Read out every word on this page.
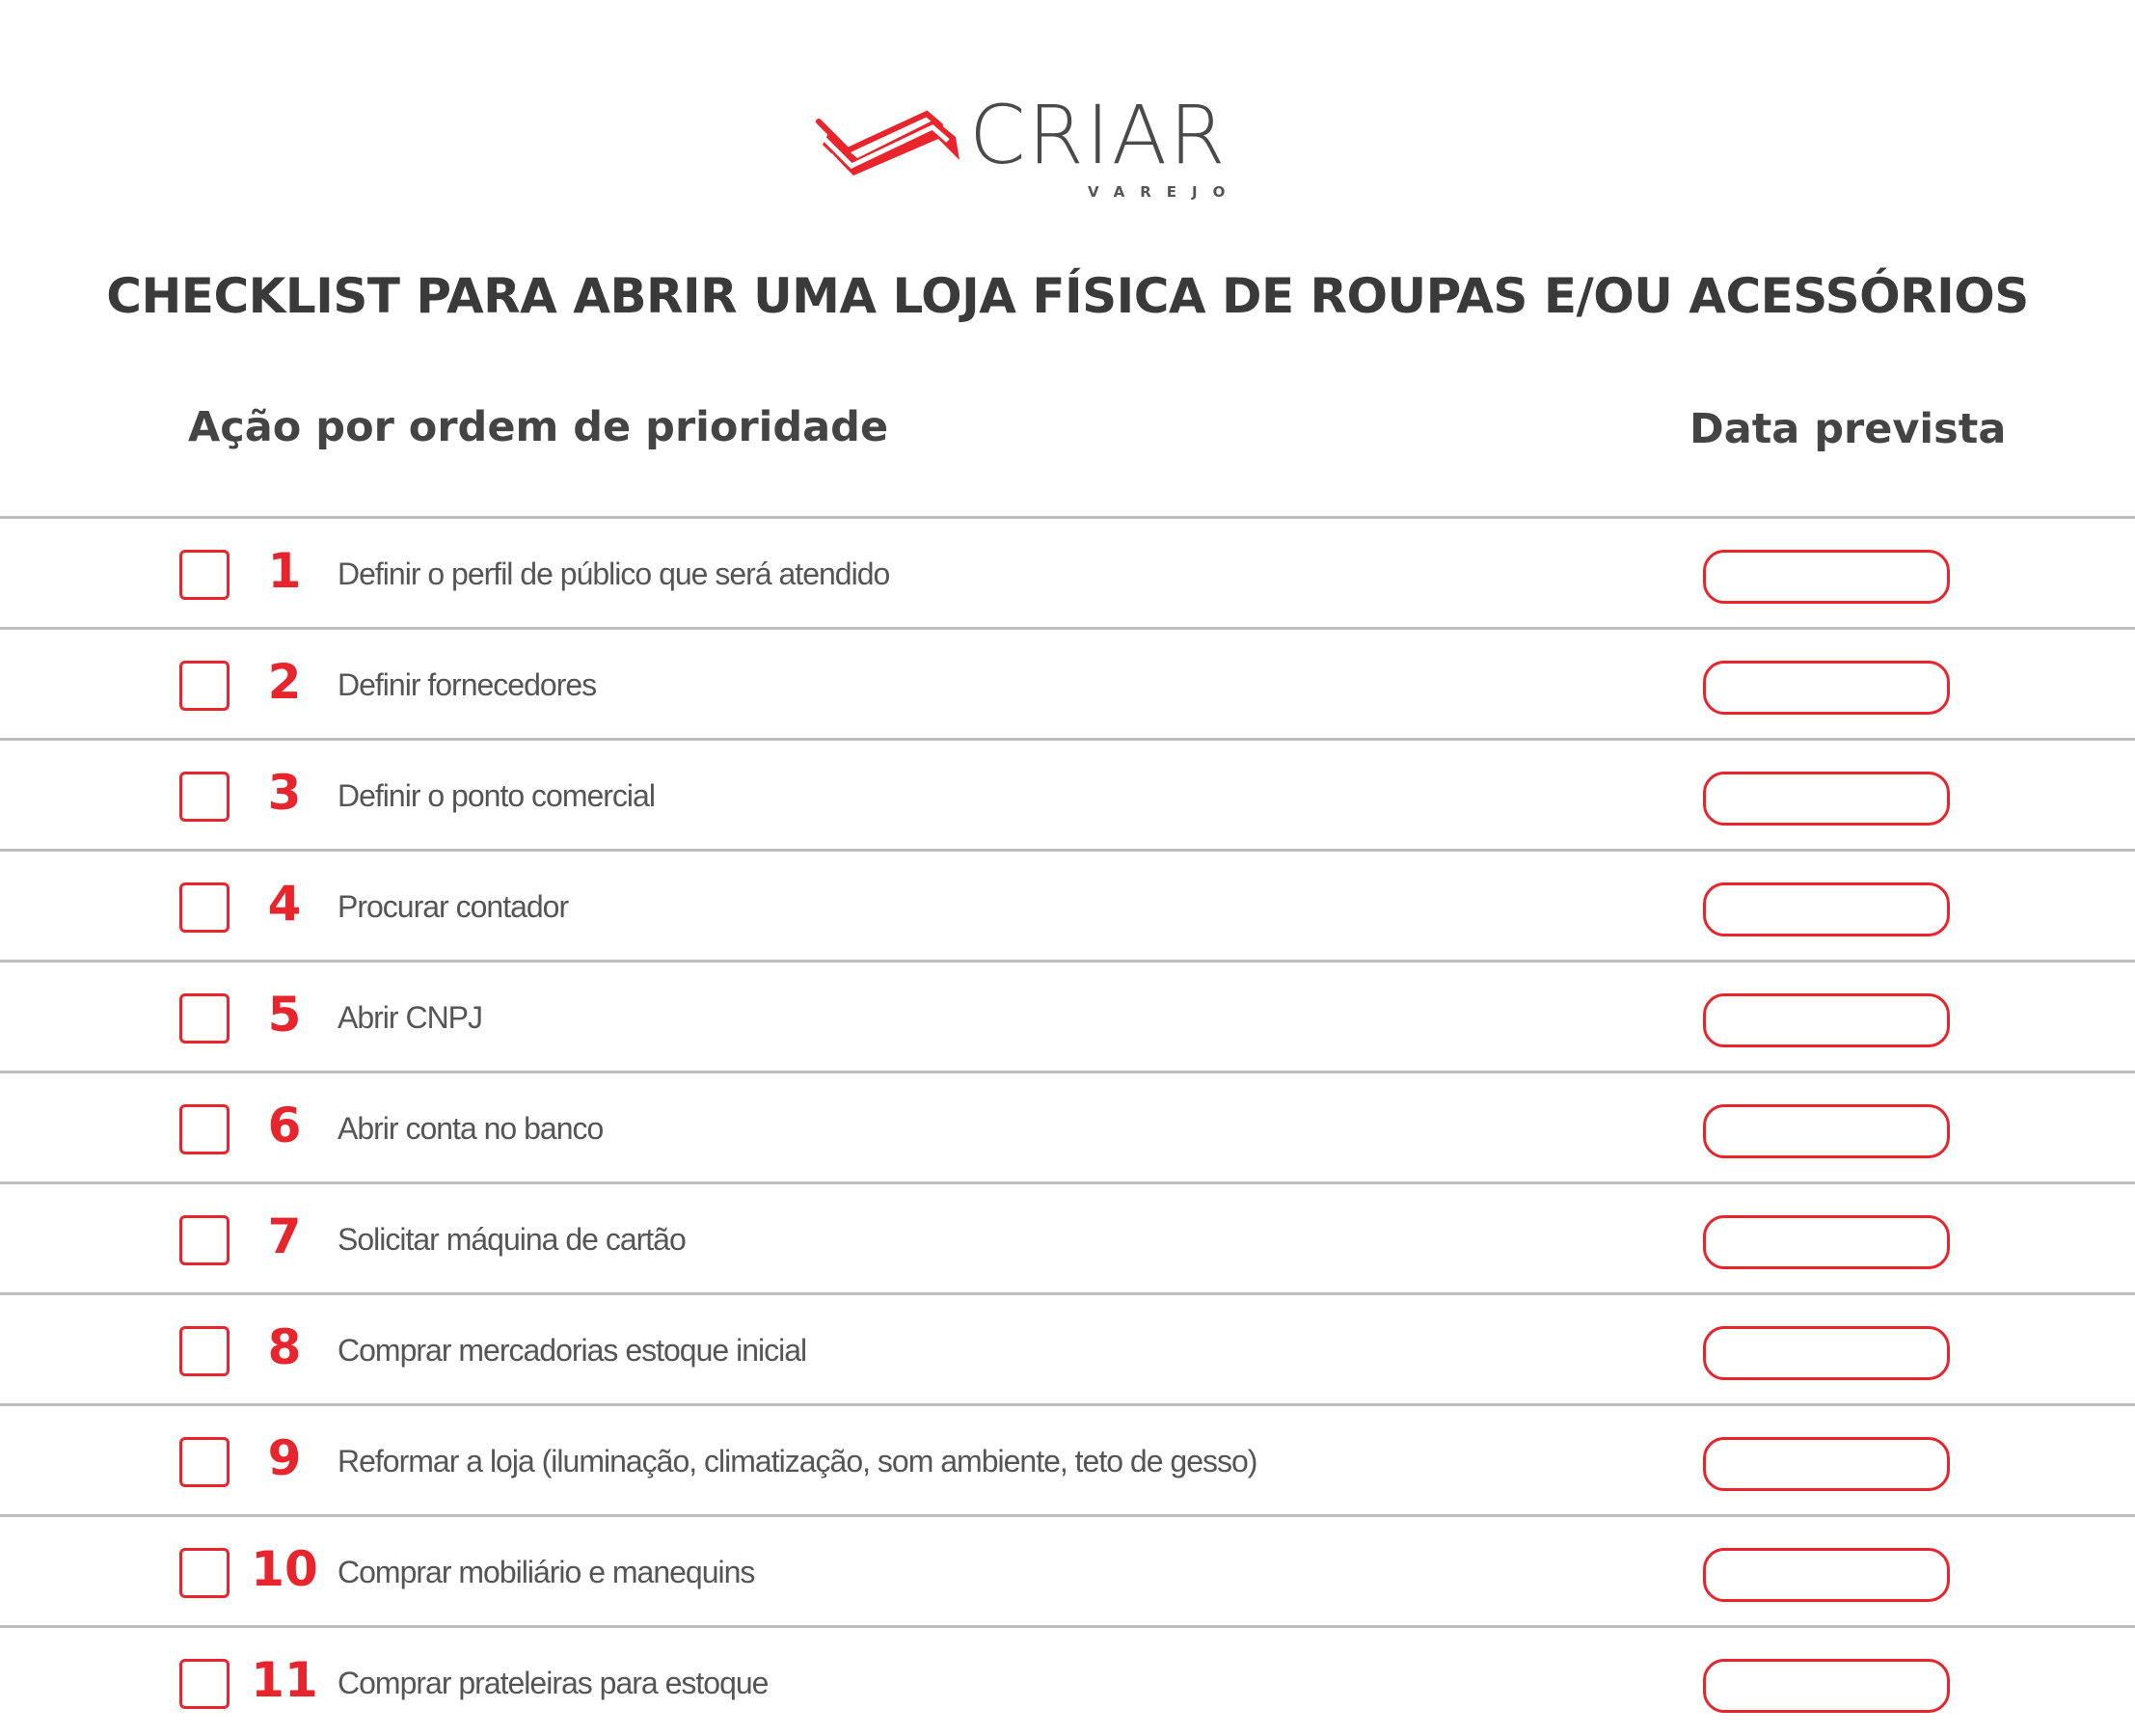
CRIAR
VAREJO
CHECKLIST PARA ABRIR UMA LOJA FÍSICA DE ROUPAS E/OU ACESSÓRIOS
Ação por ordem de prioridade	Data prevista
1	Definir o perfil de público que será atendido
2	Definir fornecedores
3	Definir o ponto comercial
4	Procurar contador
5	Abrir CNPJ
6	Abrir conta no banco
7	Solicitar máquina de cartão
8	Comprar mercadorias estoque inicial
9	Reformar a loja (iluminação, climatização, som ambiente, teto de gesso)
10 Comprar mobiliário e manequins
11 Comprar prateleiras para estoque
